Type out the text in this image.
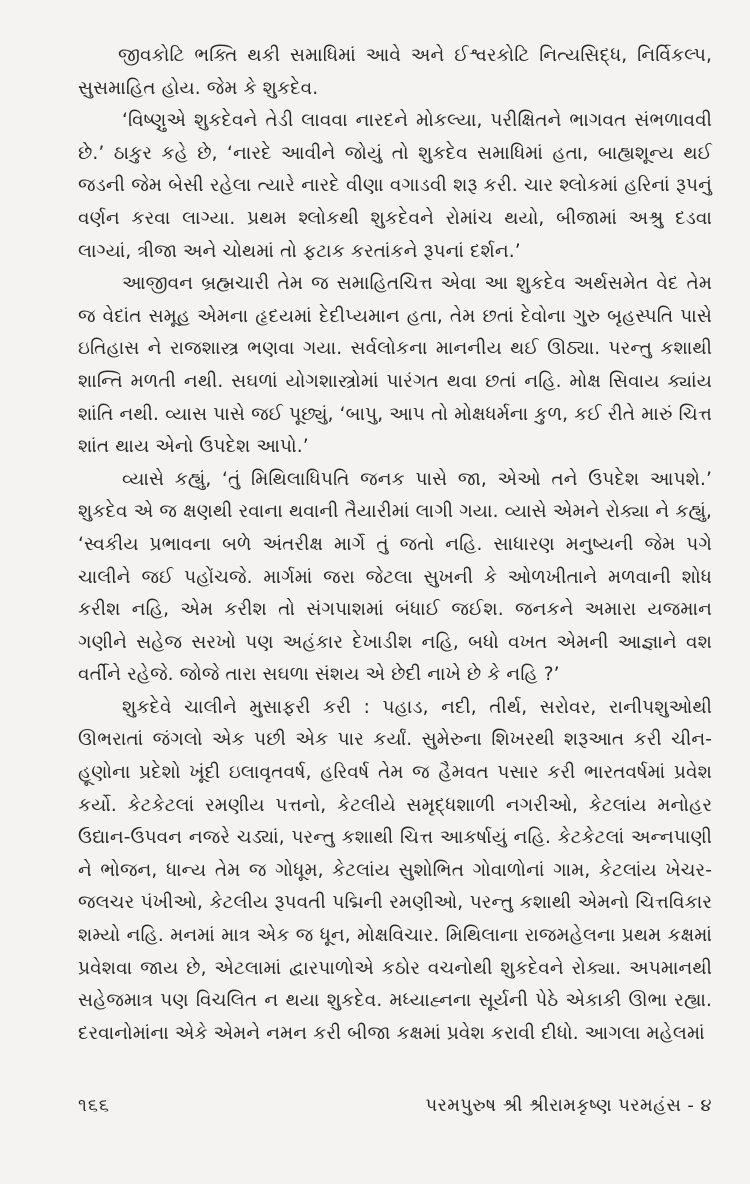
જીવકોટિ ભક્તિ થકી સમાધિમાં આવે અને ઈશ્વરકોટિ નિત્યસિદ્ધ, નિર્વિકલ્પ, સુસમાહિત હોય. જેમ કે શુકદેવ.

‘વિષ્ણુએ શુકદેવને તેડી લાવવા નારદને મોકલ્યા, પરીક્ષિતને ભાગવત સંભળાવવી છે.’ ઠાકુર કહે છે, ‘નારદે આવીને જોયું તો શુકદેવ સમાધિમાં હતા, બાહ્યશૂન્ય થઈ જડની જેમ બેસી રહેલા ત્યારે નારદે વીણા વગાડવી શરૂ કરી. ચાર શ્લોકમાં હરિનાં રૂપનું વર્ણન કરવા લાગ્યા. પ્રથમ શ્લોકથી શુકદેવને રોમાંચ થયો, બીજામાં અશ્રુ દડવા લાગ્યાં, ત્રીજા અને ચોથમાં તો ફટાક કરતાંકને રૂપનાં દર્શન.’

આજીવન બ્રહ્મચારી તેમ જ સમાહિતચિત્ત એવા આ શુકદેવ અર્થસમેત વેદ તેમ જ વેદાંત સમૂહ એમના હૃદયમાં દેદીપ્યમાન હતા, તેમ છતાં દેવોના ગુરુ બૃહસ્પતિ પાસે ઇતિહાસ ને રાજશાસ્ત્ર ભણવા ગયા. સર્વલોકના માનનીય થઈ ઊઠ્યા. પરન્તુ કશાથી શાન્તિ મળતી નથી. સઘળાં યોગશાસ્ત્રોમાં પારંગત થવા છતાં નહિ. મોક્ષ સિવાય ક્યાંય શાંતિ નથી. વ્યાસ પાસે જઈ પૂછ્યું, ‘બાપુ, આપ તો મોક્ષધર્મના કુળ, કઈ રીતે મારું ચિત્ત શાંત થાય એનો ઉપદેશ આપો.’

વ્યાસે કહ્યું, ‘તું મિથિલાધિપતિ જનક પાસે જા, એઓ તને ઉપદેશ આપશે.’ શુકદેવ એ જ ક્ષણથી રવાના થવાની તૈયારીમાં લાગી ગયા. વ્યાસે એમને રોક્યા ને કહ્યું, ‘સ્વકીય પ્રભાવના બળે અંતરીક્ષ માર્ગે તું જતો નહિ. સાધારણ મનુષ્યની જેમ પગે ચાલીને જઈ પહોંચજે. માર્ગમાં જરા જેટલા સુખની કે ઓળખીતાને મળવાની શોધ કરીશ નહિ, એમ કરીશ તો સંગપાશમાં બંધાઈ જઈશ. જનકને અમારા યજમાન ગણીને સહેજ સરખો પણ અહંકાર દેખાડીશ નહિ, બધો વખત એમની આજ્ઞાને વશ વર્તીને રહેજે. જોજે તારા સઘળા સંશય એ છેદી નાખે છે કે નહિ ?’

શુકદેવે ચાલીને મુસાફરી કરી : પહાડ, નદી, તીર્થ, સરોવર, રાનીપશુઓથી ઊભરાતાં જંગલો એક પછી એક પાર કર્યાં. સુમેરુના શિખરથી શરૂઆત કરી ચીન-હૂણોના પ્રદેશો ખૂંદી ઇલાવૃતવર્ષ, હરિવર્ષ તેમ જ હૈમવત પસાર કરી ભારતવર્ષમાં પ્રવેશ કર્યો. કેટકેટલાં રમણીય પત્તનો, કેટલીયે સમૃદ્ધશાળી નગરીઓ, કેટલાંય મનોહર ઉદ્યાન-ઉપવન નજરે ચડ્યાં, પરન્તુ કશાથી ચિત્ત આકર્ષાયું નહિ. કેટકેટલાં અન્નપાણી ને ભોજન, ધાન્ય તેમ જ ગોધૂમ, કેટલાંય સુશોભિત ગોવાળોનાં ગામ, કેટલાંય ખેચર-જલચર પંખીઓ, કેટલીય રૂપવતી પદ્મિની રમણીઓ, પરન્તુ કશાથી એમનો ચિત્તવિકાર શમ્યો નહિ. મનમાં માત્ર એક જ ધૂન, મોક્ષવિચાર. મિથિલાના રાજમહેલના પ્રથમ કક્ષમાં પ્રવેશવા જાય છે, એટલામાં દ્વારપાળોએ કઠોર વચનોથી શુકદેવને રોક્યા. અપમાનથી સહેજમાત્ર પણ વિચલિત ન થયા શુકદેવ. મધ્યાહ્નના સૂર્યની પેઠે એકાકી ઊભા રહ્યા. દરવાનોમાંના એકે એમને નમન કરી બીજા કક્ષમાં પ્રવેશ કરાવી દીધો. આગલા મહેલમાં

૧૬૬	પરમપુરુષ શ્રી શ્રીરામકૃષ્ણ પરમહંસ - ૪
